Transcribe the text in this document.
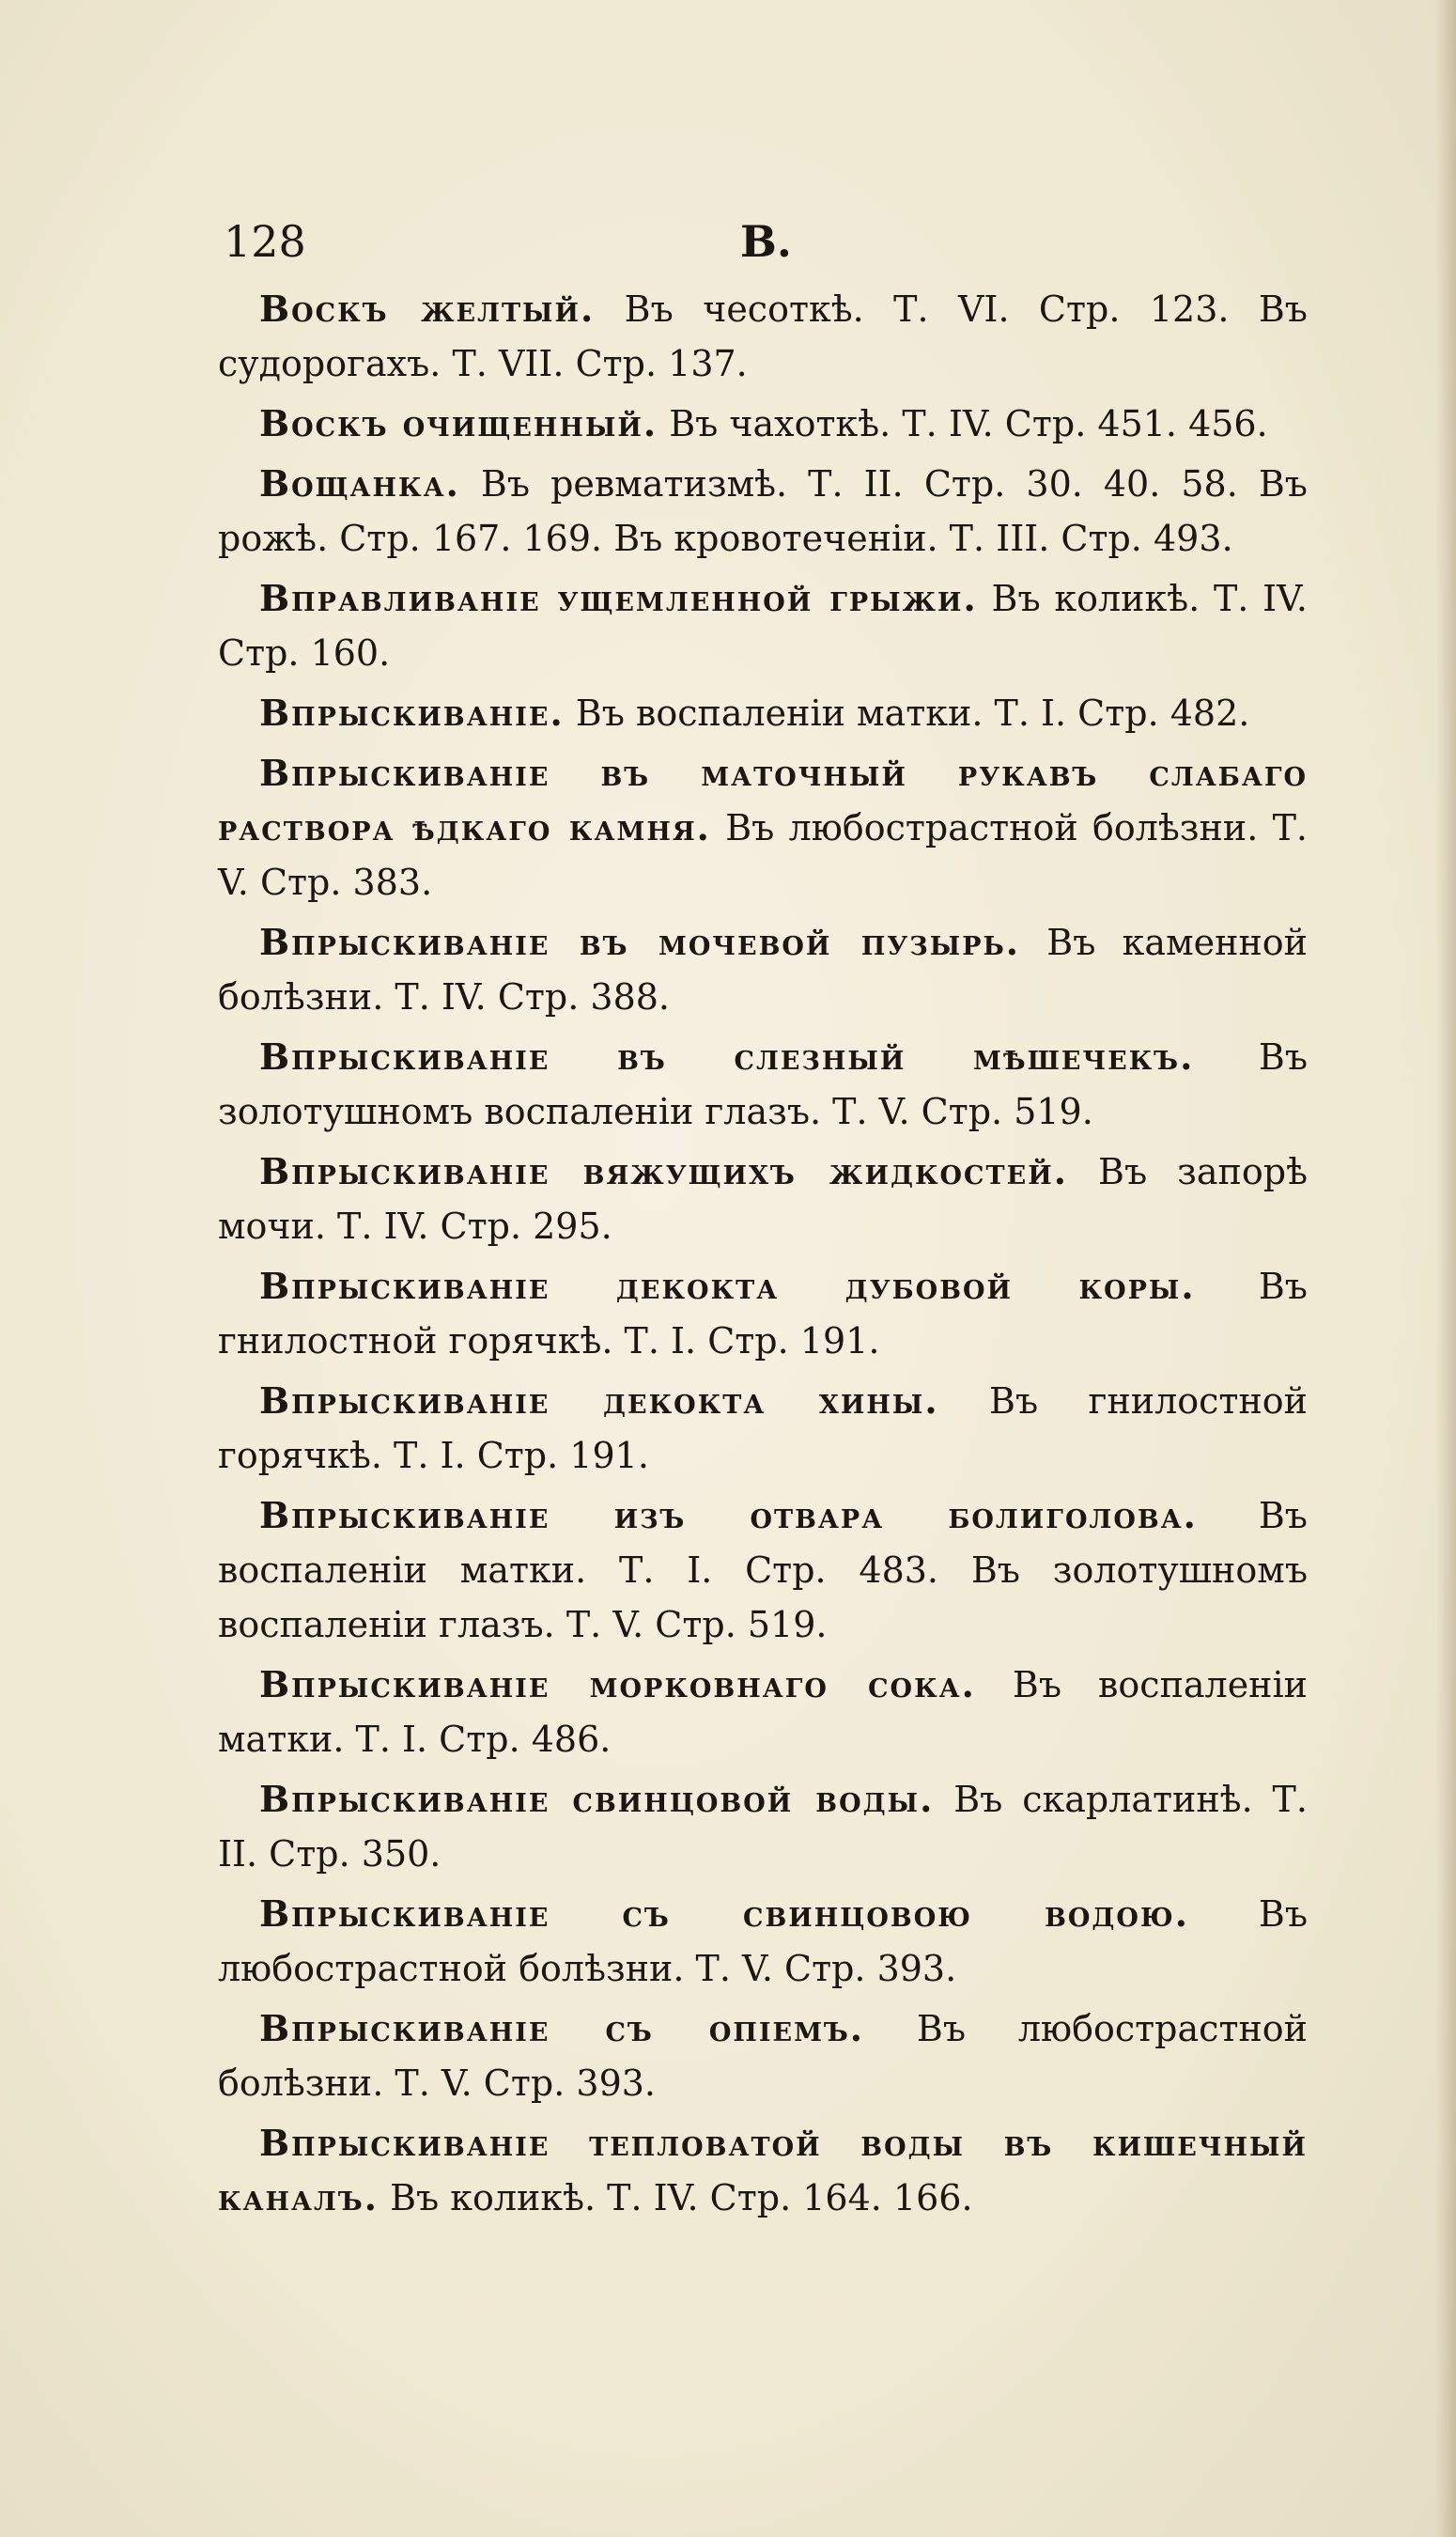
128	В.

Воскъ желтый. Въ чесоткѣ. Т. VI. Стр. 123. Въ судорогахъ. Т. VII. Стр. 137.

Воскъ очищенный. Въ чахоткѣ. Т. IV. Стр. 451. 456.

Вощанка. Въ ревматизмѣ. Т. II. Стр. 30. 40. 58. Въ рожѣ. Стр. 167. 169. Въ кровотеченіи. Т. III. Стр. 493.

Вправливаніе ущемленной грыжи. Въ коликѣ. Т. IV. Стр. 160.

Впрыскиваніе. Въ воспаленіи матки. Т. I. Стр. 482.

Впрыскиваніе въ маточный рукавъ слабаго раствора ѣдкаго камня. Въ любострастной болѣзни. Т. V. Стр. 383.

Впрыскиваніе въ мочевой пузырь. Въ каменной болѣзни. Т. IV. Стр. 388.

Впрыскиваніе въ слезный мѣшечекъ. Въ золотушномъ воспаленіи глазъ. Т. V. Стр. 519.

Впрыскиваніе вяжущихъ жидкостей. Въ запорѣ мочи. Т. IV. Стр. 295.

Впрыскиваніе декокта дубовой коры. Въ гнилостной горячкѣ. Т. I. Стр. 191.

Впрыскиваніе декокта хины. Въ гнилостной горячкѣ. Т. I. Стр. 191.

Впрыскиваніе изъ отвара болиголова. Въ воспаленіи матки. Т. I. Стр. 483. Въ золотушномъ воспаленіи глазъ. Т. V. Стр. 519.

Впрыскиваніе морковнаго сока. Въ воспаленіи матки. Т. I. Стр. 486.

Впрыскиваніе свинцовой воды. Въ скарлатинѣ. Т. II. Стр. 350.

Впрыскиваніе съ свинцовою водою. Въ любострастной болѣзни. Т. V. Стр. 393.

Впрыскиваніе съ опіемъ. Въ любострастной болѣзни. Т. V. Стр. 393.

Впрыскиваніе тепловатой воды въ кишечный каналъ. Въ коликѣ. Т. IV. Стр. 164. 166.
